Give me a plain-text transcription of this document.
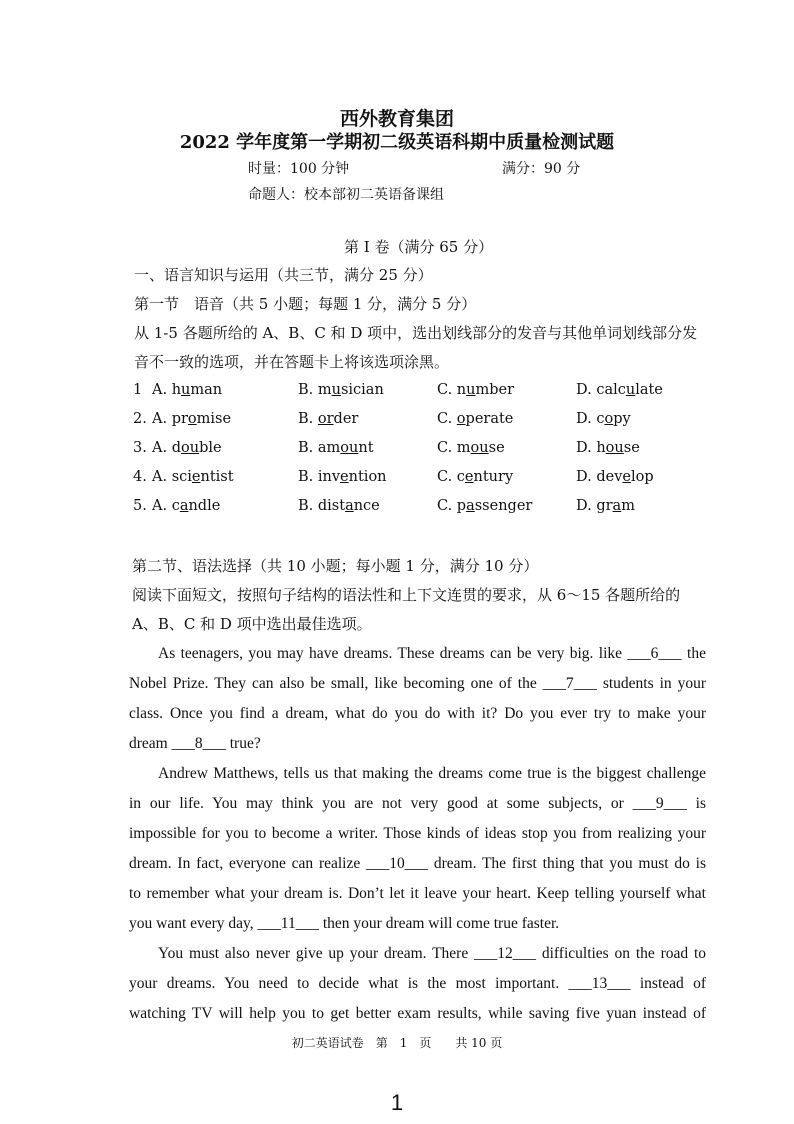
西外教育集团
2022 学年度第一学期初二级英语科期中质量检测试题
时量：100 分钟	满分：90 分
命题人：校本部初二英语备课组
第 I 卷（满分 65 分）
一、语言知识与运用（共三节，满分 25 分）
第一节　语音（共 5 小题；每题 1 分，满分 5 分）
从 1-5 各题所给的 A、B、C 和 D 项中，选出划线部分的发音与其他单词划线部分发
音不一致的选项，并在答题卡上将该选项涂黑。
1 A. human	B. musician	C. number	D. calculate
2. A. promise	B. order	C. operate	D. copy
3. A. double	B. amount	C. mouse	D. house
4. A. scientist	B. invention	C. century	D. develop
5. A. candle	B. distance	C. passenger	D. gram
第二节、语法选择（共 10 小题；每小题 1 分，满分 10 分）
阅读下面短文，按照句子结构的语法性和上下文连贯的要求，从 6～15 各题所给的
A、B、C 和 D 项中选出最佳选项。
As teenagers, you may have dreams. These dreams can be very big. like ___6___ the
Nobel Prize. They can also be small, like becoming one of the ___7___ students in your
class. Once you find a dream, what do you do with it? Do you ever try to make your
dream ___8___ true?
Andrew Matthews, tells us that making the dreams come true is the biggest challenge
in our life. You may think you are not very good at some subjects, or ___9___ is
impossible for you to become a writer. Those kinds of ideas stop you from realizing your
dream. In fact, everyone can realize ___10___ dream. The first thing that you must do is
to remember what your dream is. Don’t let it leave your heart. Keep telling yourself what
you want every day, ___11___ then your dream will come true faster.
You must also never give up your dream. There ___12___ difficulties on the road to
your dreams. You need to decide what is the most important. ___13___ instead of
watching TV will help you to get better exam results, while saving five yuan instead of
初二英语试卷　第　1　页　　共 10 页
1
